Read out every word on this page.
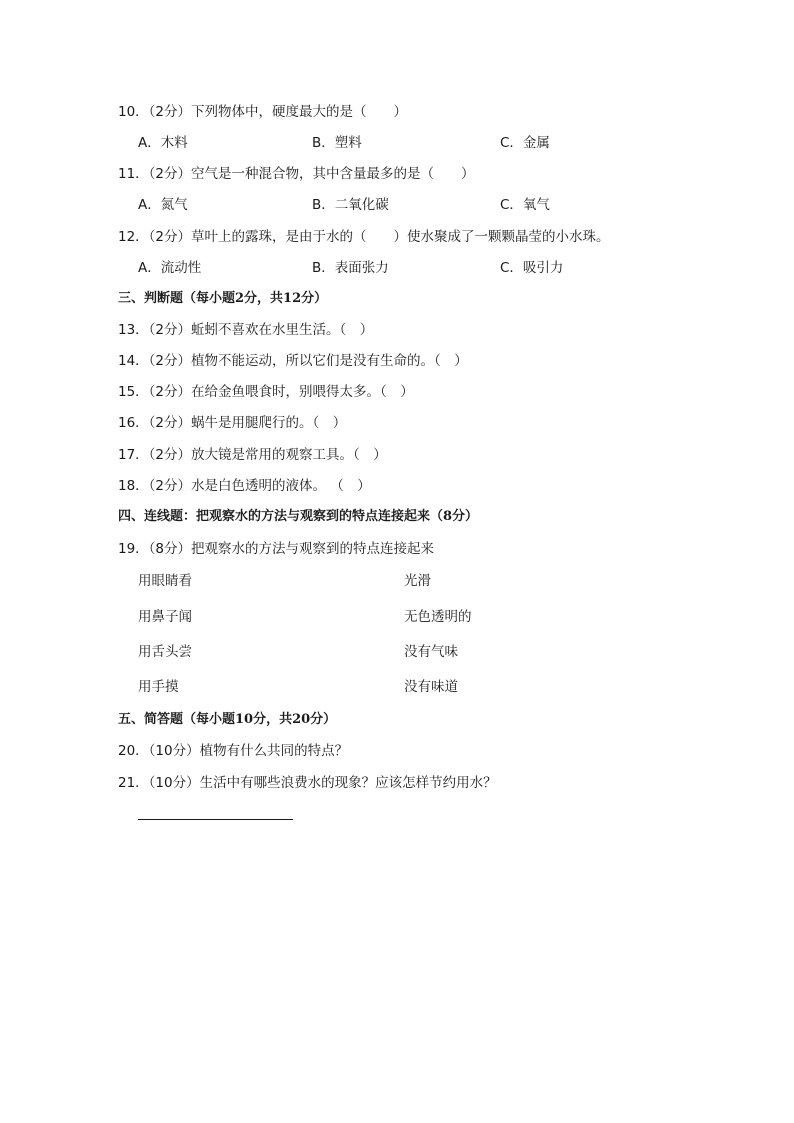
10．（2分）下列物体中，硬度最大的是（　　）
A．木料	B．塑料	C．金属
11．（2分）空气是一种混合物，其中含量最多的是（　　）
A．氮气	B．二氧化碳	C．氧气
12．（2分）草叶上的露珠，是由于水的（　　）使水聚成了一颗颗晶莹的小水珠。
A．流动性	B．表面张力	C．吸引力
三、判断题（每小题2分，共12分）
13．（2分）蚯蚓不喜欢在水里生活。（　）
14．（2分）植物不能运动，所以它们是没有生命的。（　）
15．（2分）在给金鱼喂食时，别喂得太多。（　）
16．（2分）蜗牛是用腿爬行的。（　）
17．（2分）放大镜是常用的观察工具。（　）
18．（2分）水是白色透明的液体。 （　）
四、连线题：把观察水的方法与观察到的特点连接起来（8分）
19．（8分）把观察水的方法与观察到的特点连接起来
用眼睛看	光滑
用鼻子闻	无色透明的
用舌头尝	没有气味
用手摸	没有味道
五、简答题（每小题10分，共20分）
20．（10分）植物有什么共同的特点？
21．（10分）生活中有哪些浪费水的现象？应该怎样节约用水？
